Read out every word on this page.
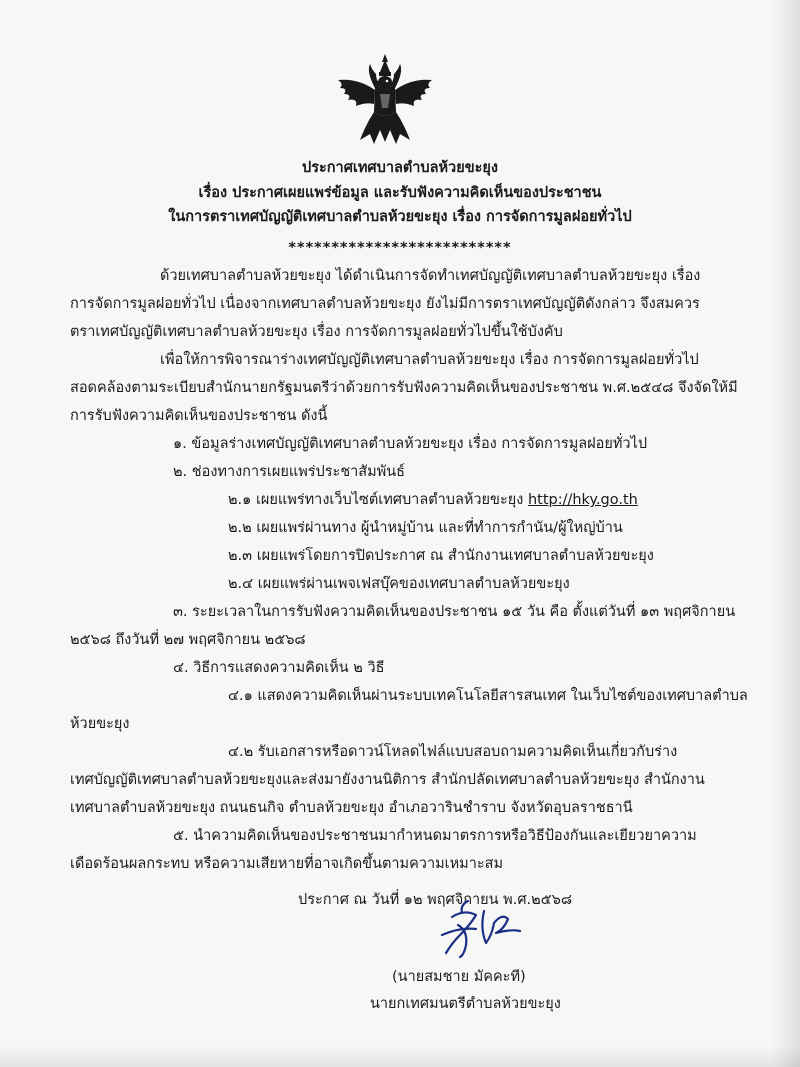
ประกาศเทศบาลตำบลห้วยขะยุง
เรื่อง ประกาศเผยแพร่ข้อมูล และรับฟังความคิดเห็นของประชาชน
ในการตราเทศบัญญัติเทศบาลตำบลห้วยขะยุง เรื่อง การจัดการมูลฝอยทั่วไป
**************************
ด้วยเทศบาลตำบลห้วยขะยุง ได้ดำเนินการจัดทำเทศบัญญัติเทศบาลตำบลห้วยขะยุง เรื่อง
การจัดการมูลฝอยทั่วไป เนื่องจากเทศบาลตำบลห้วยขะยุง ยังไม่มีการตราเทศบัญญัติดังกล่าว จึงสมควร
ตราเทศบัญญัติเทศบาลตำบลห้วยขะยุง เรื่อง การจัดการมูลฝอยทั่วไปขึ้นใช้บังคับ
เพื่อให้การพิจารณาร่างเทศบัญญัติเทศบาลตำบลห้วยขะยุง เรื่อง การจัดการมูลฝอยทั่วไป
สอดคล้องตามระเบียบสำนักนายกรัฐมนตรีว่าด้วยการรับฟังความคิดเห็นของประชาชน พ.ศ.๒๕๔๘ จึงจัดให้มี
การรับฟังความคิดเห็นของประชาชน ดังนี้
๑. ข้อมูลร่างเทศบัญญัติเทศบาลตำบลห้วยขะยุง เรื่อง การจัดการมูลฝอยทั่วไป
๒. ช่องทางการเผยแพร่ประชาสัมพันธ์
๒.๑ เผยแพร่ทางเว็บไซต์เทศบาลตำบลห้วยขะยุง http://hky.go.th
๒.๒ เผยแพร่ผ่านทาง ผู้นำหมู่บ้าน และที่ทำการกำนัน/ผู้ใหญ่บ้าน
๒.๓ เผยแพร่โดยการปิดประกาศ ณ สำนักงานเทศบาลตำบลห้วยขะยุง
๒.๔ เผยแพร่ผ่านเพจเฟสบุ๊คของเทศบาลตำบลห้วยขะยุง
๓. ระยะเวลาในการรับฟังความคิดเห็นของประชาชน ๑๕ วัน คือ ตั้งแต่วันที่ ๑๓ พฤศจิกายน
๒๕๖๘ ถึงวันที่ ๒๗ พฤศจิกายน ๒๕๖๘
๔. วิธีการแสดงความคิดเห็น ๒ วิธี
๔.๑ แสดงความคิดเห็นผ่านระบบเทคโนโลยีสารสนเทศ ในเว็บไซต์ของเทศบาลตำบล
ห้วยขะยุง
๔.๒ รับเอกสารหรือดาวน์โหลดไฟล์แบบสอบถามความคิดเห็นเกี่ยวกับร่าง
เทศบัญญัติเทศบาลตำบลห้วยขะยุงและส่งมายังงานนิติการ สำนักปลัดเทศบาลตำบลห้วยขะยุง สำนักงาน
เทศบาลตำบลห้วยขะยุง ถนนธนกิจ ตำบลห้วยขะยุง อำเภอวารินชำราบ จังหวัดอุบลราชธานี
๕. นำความคิดเห็นของประชาชนมากำหนดมาตรการหรือวิธีป้องกันและเยียวยาความ
เดือดร้อนผลกระทบ หรือความเสียหายที่อาจเกิดขึ้นตามความเหมาะสม
ประกาศ ณ วันที่ ๑๒ พฤศจิกายน พ.ศ.๒๕๖๘
(นายสมชาย มัคคะที)
นายกเทศมนตรีตำบลห้วยขะยุง
